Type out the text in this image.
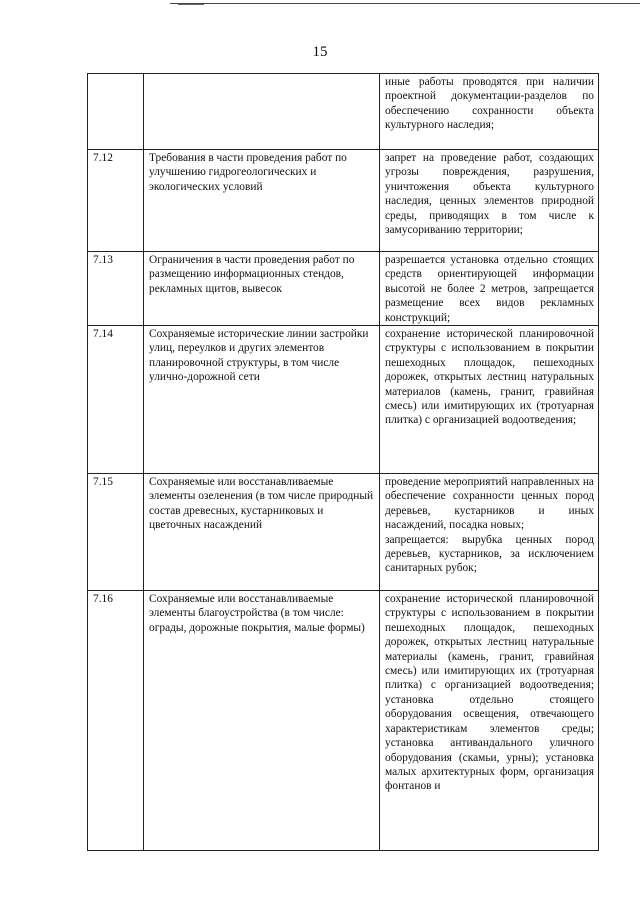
15
		иные работы проводятся при наличии проектной документации-разделов по обеспечению сохранности объекта культурного наследия;
7.12	Требования в части проведения работ по улучшению гидрогеологических и экологических условий	запрет на проведение работ, создающих угрозы повреждения, разрушения, уничтожения объекта культурного наследия, ценных элементов природной среды, приводящих в том числе к замусориванию территории;
7.13	Ограничения в части проведения работ по размещению информационных стендов, рекламных щитов, вывесок	разрешается установка отдельно стоящих средств ориентирующей информации высотой не более 2 метров, запрещается размещение всех видов рекламных конструкций;
7.14	Сохраняемые исторические линии застройки улиц, переулков и других элементов планировочной структуры, в том числе улично-дорожной сети	сохранение исторической планировочной структуры с использованием в покрытии пешеходных площадок, пешеходных дорожек, открытых лестниц натуральных материалов (камень, гранит, гравийная смесь) или имитирующих их (тротуарная плитка) с организацией водоотведения;
7.15	Сохраняемые или восстанавливаемые элементы озеленения (в том числе природный состав древесных, кустарниковых и цветочных насаждений	проведение мероприятий направленных на обеспечение сохранности ценных пород деревьев, кустарников и иных насаждений, посадка новых;
запрещается: вырубка ценных пород деревьев, кустарников, за исключением санитарных рубок;

7.16	Сохраняемые или восстанавливаемые элементы благоустройства (в том числе: ограды, дорожные покрытия, малые формы)	сохранение исторической планировочной структуры с использованием в покрытии пешеходных площадок, пешеходных дорожек, открытых лестниц натуральные материалы (камень, гранит, гравийная смесь) или имитирующих их (тротуарная плитка) с организацией водоотведения; установка отдельно стоящего оборудования освещения, отвечающего характеристикам элементов среды; установка антивандального уличного оборудования (скамьи, урны); установка малых архитектурных форм, организация фонтанов и
